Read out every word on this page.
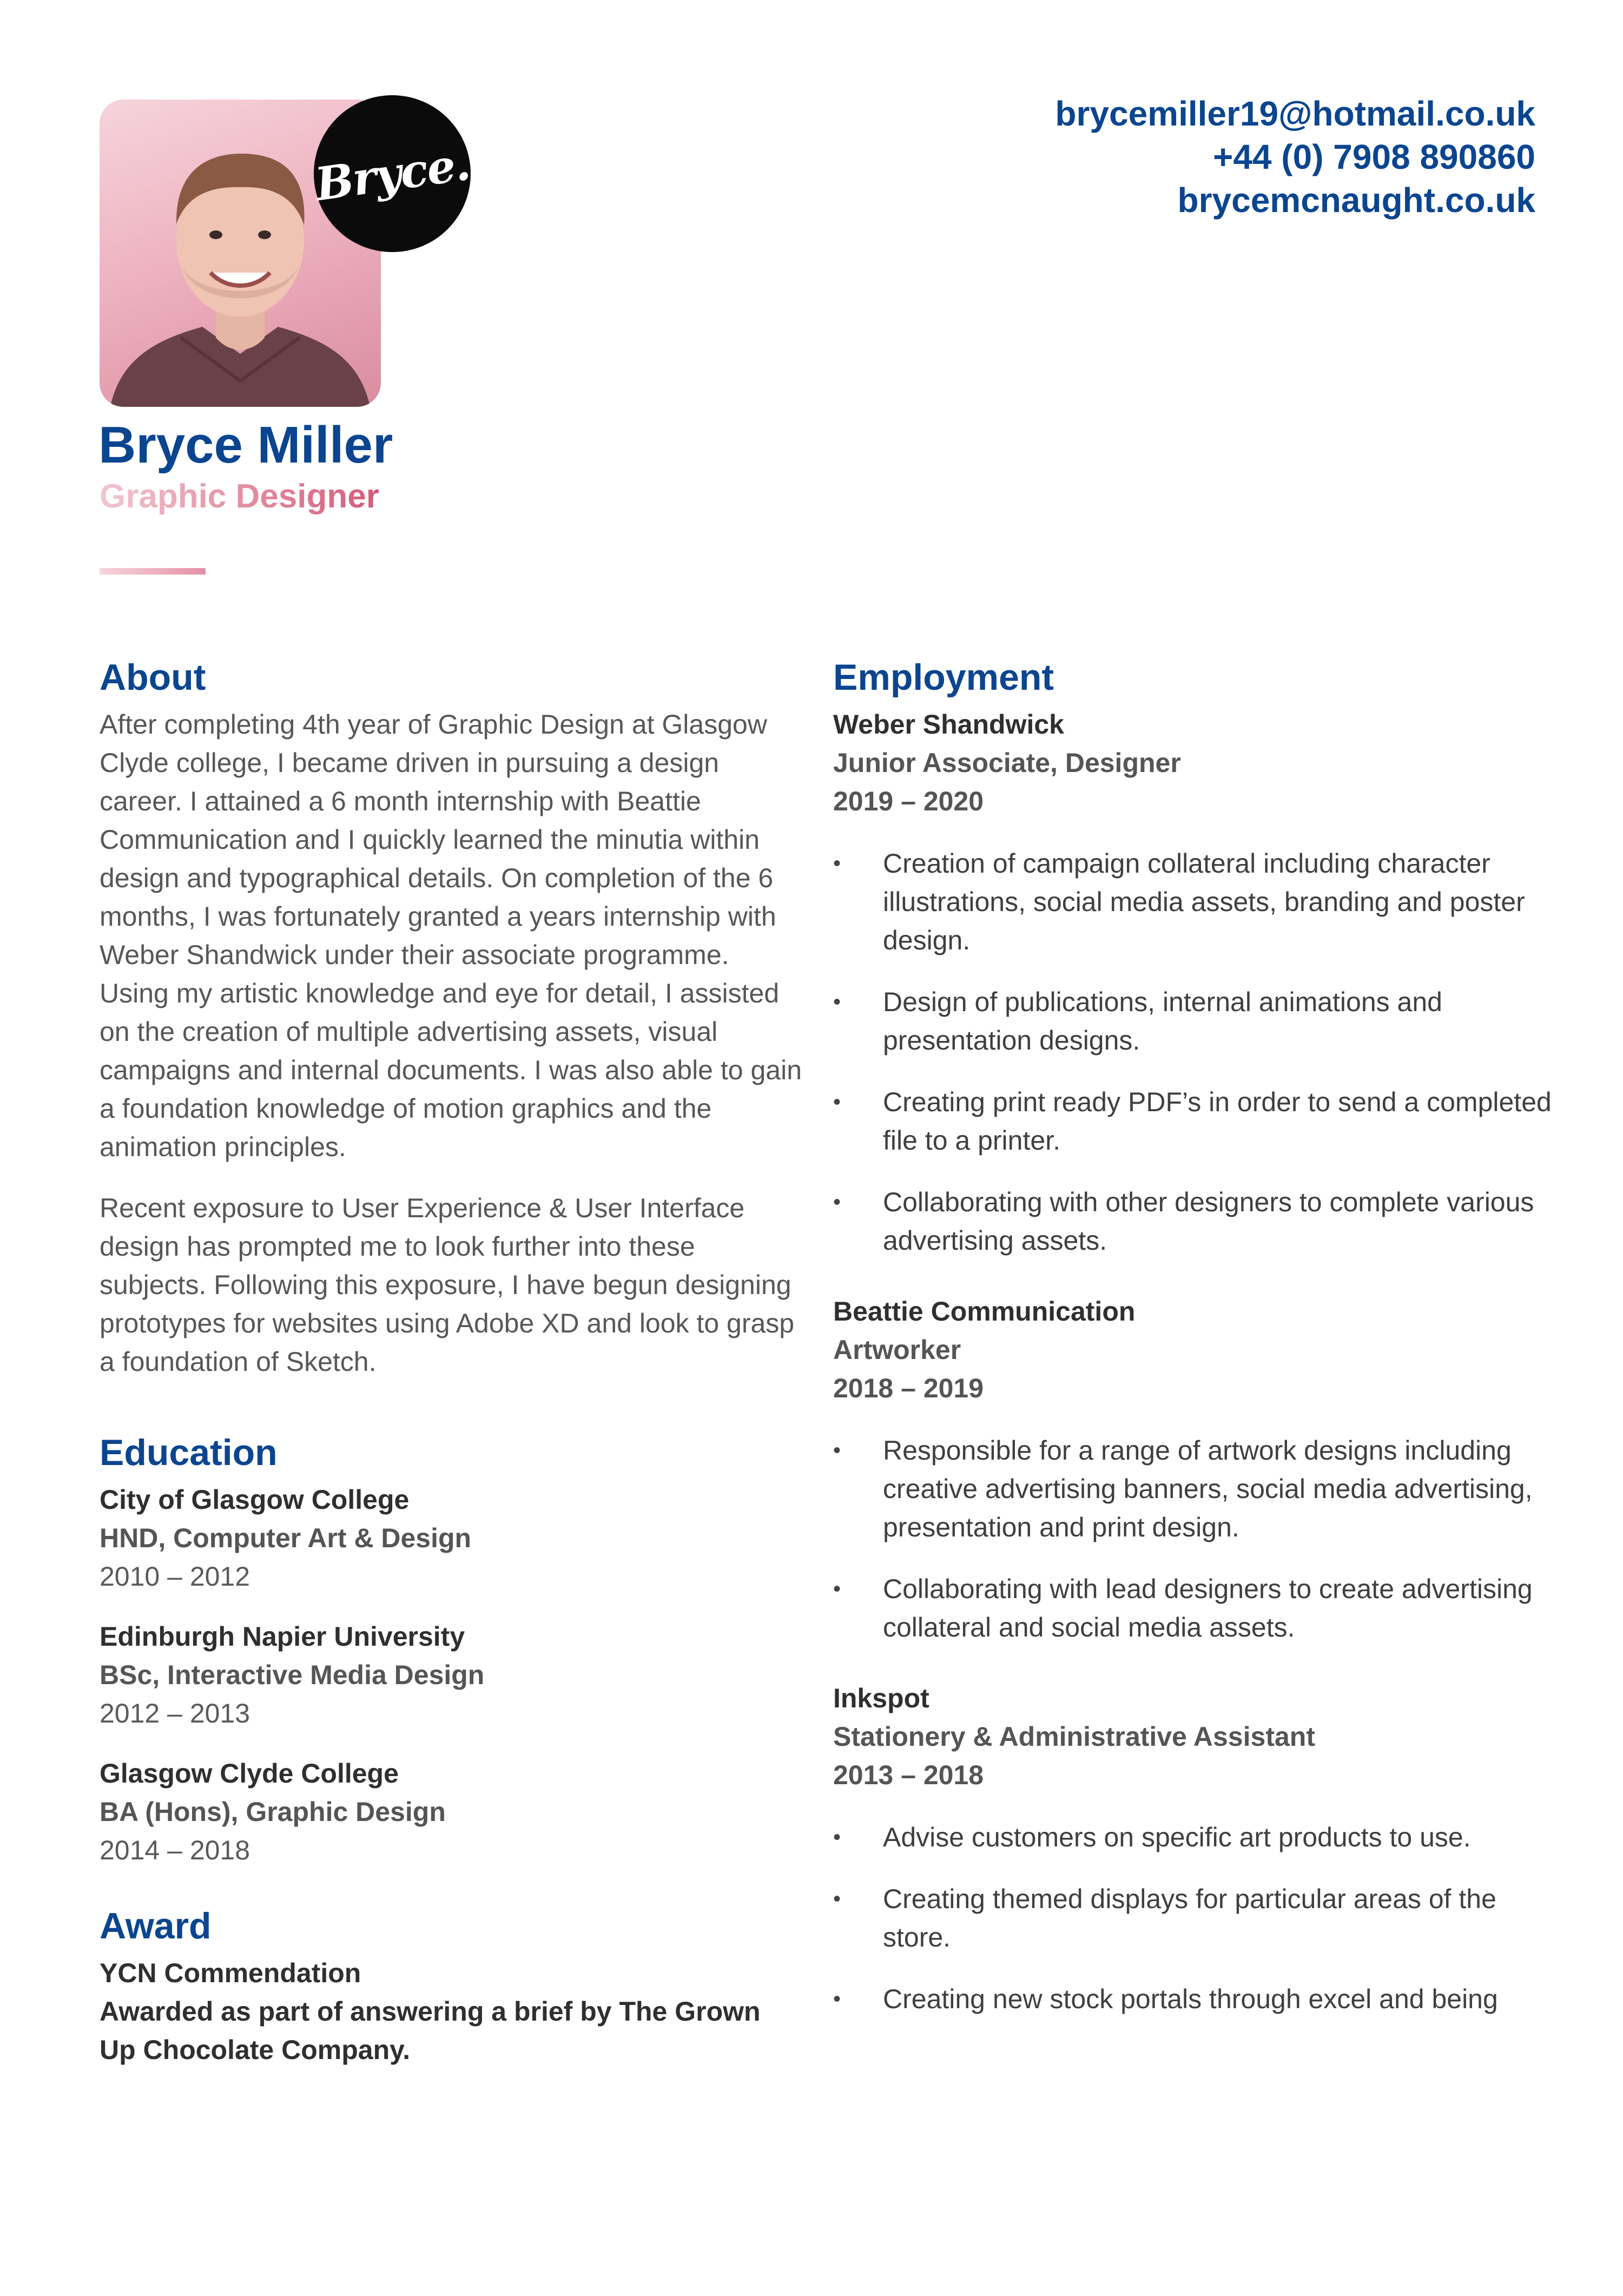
Bryce.
brycemiller19@hotmail.co.uk
+44 (0) 7908 890860
brycemcnaught.co.uk
Bryce Miller
Graphic Designer
About

After completing 4th year of Graphic Design at Glasgow Clyde college, I became driven in pursuing a design career. I attained a 6 month internship with Beattie Communication and I quickly learned the minutia within design and typographical details. On completion of the 6 months, I was fortunately granted a years internship with Weber Shandwick under their associate programme. Using my artistic knowledge and eye for detail, I assisted on the creation of multiple advertising assets, visual campaigns and internal documents. I was also able to gain a foundation knowledge of motion graphics and the animation principles.

Recent exposure to User Experience & User Interface design has prompted me to look further into these subjects. Following this exposure, I have begun designing prototypes for websites using Adobe XD and look to grasp a foundation of Sketch.

Education
City of Glasgow College
HND, Computer Art & Design
2010 – 2012
Edinburgh Napier University
BSc, Interactive Media Design
2012 – 2013
Glasgow Clyde College
BA (Hons), Graphic Design
2014 – 2018
Award
YCN Commendation
Awarded as part of answering a brief by The Grown Up Chocolate Company.
Employment
Weber Shandwick
Junior Associate, Designer
2019 – 2020
• Creation of campaign collateral including character illustrations, social media assets, branding and poster design.
• Design of publications, internal animations and presentation designs.
• Creating print ready PDF’s in order to send a completed file to a printer.
• Collaborating with other designers to complete various advertising assets.
Beattie Communication
Artworker
2018 – 2019
• Responsible for a range of artwork designs including creative advertising banners, social media advertising, presentation and print design.
• Collaborating with lead designers to create advertising collateral and social media assets.
Inkspot
Stationery & Administrative Assistant
2013 – 2018
• Advise customers on specific art products to use.
• Creating themed displays for particular areas of the store.
• Creating new stock portals through excel and being
